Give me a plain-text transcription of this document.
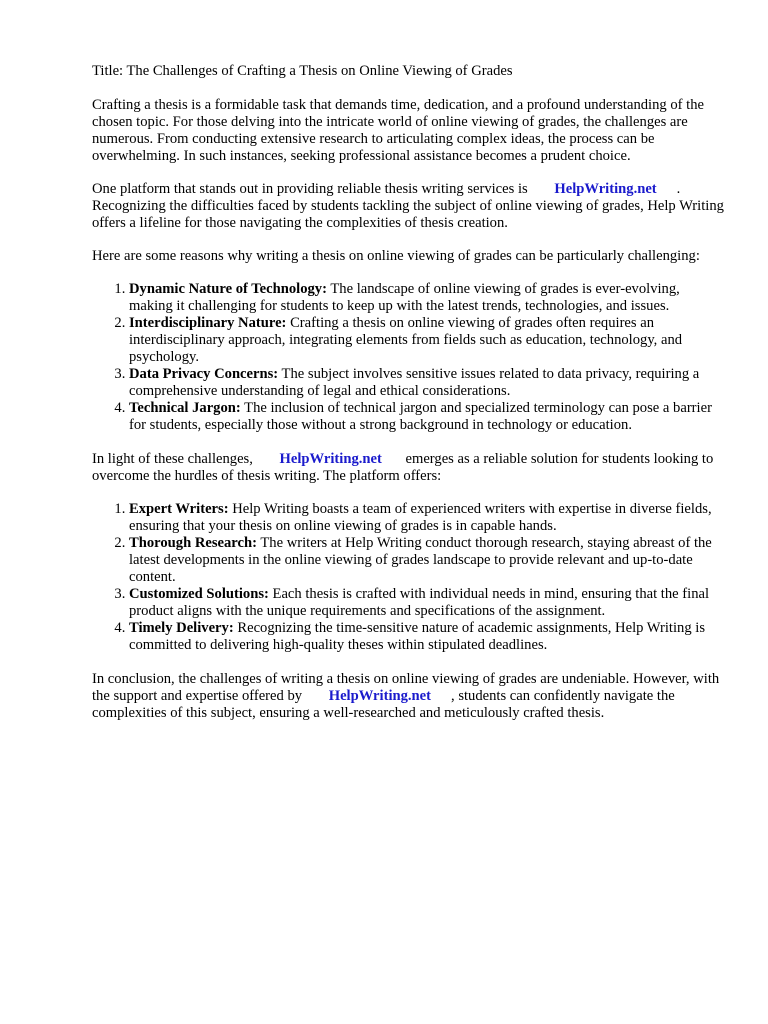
Title: The Challenges of Crafting a Thesis on Online Viewing of Grades

Crafting a thesis is a formidable task that demands time, dedication, and a profound understanding of the chosen topic. For those delving into the intricate world of online viewing of grades, the challenges are numerous. From conducting extensive research to articulating complex ideas, the process can be overwhelming. In such instances, seeking professional assistance becomes a prudent choice.

One platform that stands out in providing reliable thesis writing services is HelpWriting.net . Recognizing the difficulties faced by students tackling the subject of online viewing of grades, Help Writing offers a lifeline for those navigating the complexities of thesis creation.

Here are some reasons why writing a thesis on online viewing of grades can be particularly challenging:

1. Dynamic Nature of Technology: The landscape of online viewing of grades is ever-evolving, making it challenging for students to keep up with the latest trends, technologies, and issues.
2. Interdisciplinary Nature: Crafting a thesis on online viewing of grades often requires an interdisciplinary approach, integrating elements from fields such as education, technology, and psychology.
3. Data Privacy Concerns: The subject involves sensitive issues related to data privacy, requiring a comprehensive understanding of legal and ethical considerations.
4. Technical Jargon: The inclusion of technical jargon and specialized terminology can pose a barrier for students, especially those without a strong background in technology or education.

In light of these challenges, HelpWriting.net emerges as a reliable solution for students looking to overcome the hurdles of thesis writing. The platform offers:

1. Expert Writers: Help Writing boasts a team of experienced writers with expertise in diverse fields, ensuring that your thesis on online viewing of grades is in capable hands.
2. Thorough Research: The writers at Help Writing conduct thorough research, staying abreast of the latest developments in the online viewing of grades landscape to provide relevant and up-to-date content.
3. Customized Solutions: Each thesis is crafted with individual needs in mind, ensuring that the final product aligns with the unique requirements and specifications of the assignment.
4. Timely Delivery: Recognizing the time-sensitive nature of academic assignments, Help Writing is committed to delivering high-quality theses within stipulated deadlines.

In conclusion, the challenges of writing a thesis on online viewing of grades are undeniable. However, with the support and expertise offered by HelpWriting.net , students can confidently navigate the complexities of this subject, ensuring a well-researched and meticulously crafted thesis.
